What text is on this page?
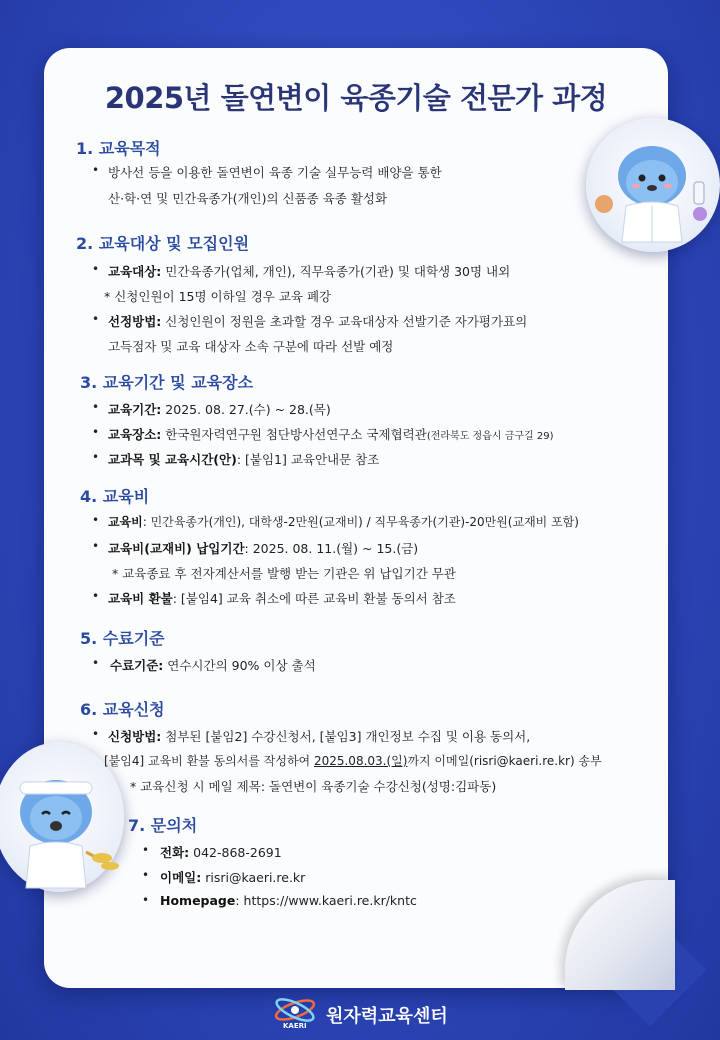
2025년 돌연변이 육종기술 전문가 과정
1. 교육목적
• 방사선 등을 이용한 돌연변이 육종 기술 실무능력 배양을 통한
산·학·연 및 민간육종가(개인)의 신품종 육종 활성화
2. 교육대상 및 모집인원
• 교육대상: 민간육종가(업체, 개인), 직무육종가(기관) 및 대학생 30명 내외
* 신청인원이 15명 이하일 경우 교육 폐강
• 선정방법: 신청인원이 정원을 초과할 경우 교육대상자 선발기준 자가평가표의
고득점자 및 교육 대상자 소속 구분에 따라 선발 예정
3. 교육기간 및 교육장소
• 교육기간: 2025. 08. 27.(수) ~ 28.(목)
• 교육장소: 한국원자력연구원 첨단방사선연구소 국제협력관(전라북도 정읍시 금구길 29)
• 교과목 및 교육시간(안): [붙임1] 교육안내문 참조
4. 교육비
• 교육비: 민간육종가(개인), 대학생-2만원(교재비) / 직무육종가(기관)-20만원(교재비 포함)
• 교육비(교재비) 납입기간: 2025. 08. 11.(월) ~ 15.(금)
* 교육종료 후 전자계산서를 발행 받는 기관은 위 납입기간 무관
• 교육비 환불: [붙임4] 교육 취소에 따른 교육비 환불 동의서 참조
5. 수료기준
• 수료기준: 연수시간의 90% 이상 출석
6. 교육신청
• 신청방법: 첨부된 [붙임2] 수강신청서, [붙임3] 개인정보 수집 및 이용 동의서,
[붙임4] 교육비 환불 동의서를 작성하여 2025.08.03.(일)까지 이메일(risri@kaeri.re.kr) 송부
* 교육신청 시 메일 제목: 돌연변이 육종기술 수강신청(성명:김파동)
7. 문의처
• 전화: 042-868-2691
• 이메일: risri@kaeri.re.kr
• Homepage: https://www.kaeri.re.kr/kntc
KAERI 원자력교육센터
